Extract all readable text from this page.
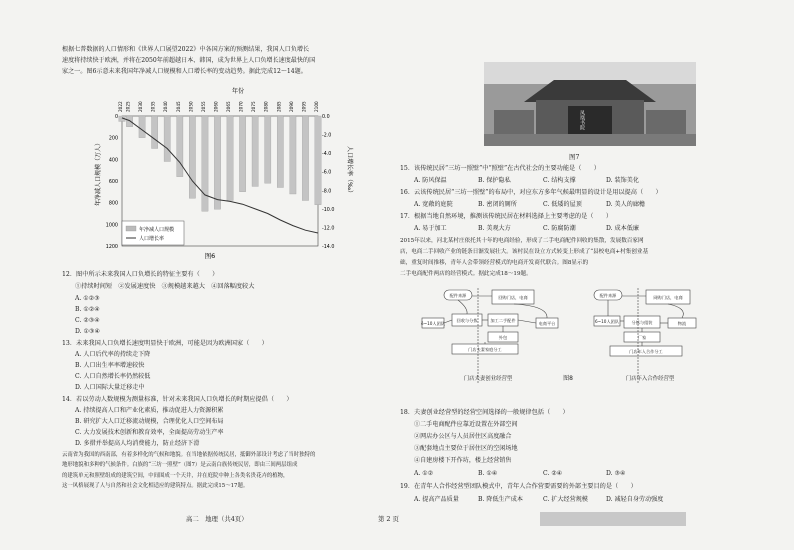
根据七普数据的人口情形和《世界人口展望2022》中各国方案的预测结果，我国人口负增长
速度将持续快于欧洲，并将在2050年前超越日本、韩国，成为世界上人口负增长速度最快的国
家之一。图6示意未来我国年净减人口规模和人口增长率的变动趋势。据此完成12～14题。
年份
2022 2025 2030 2035 2040 2045 2050 2055 2060 2065 2070 2075 2080 2085 2090 2095 2100
0
200
400
600
800
1000
1200
0.0
-2.0
-4.0
-6.0
-8.0
-10.0
-12.0
-14.0
年净减人口规模（万人）	人口增长率（‰）
年净减人口规模
人口增长率
图6
12．图中所示未来我国人口负增长的特征主要有（　　）
①持续时间短　②发展速度快　③规模越来越大　④回落幅度较大
A. ①②③
B. ①②④
C. ②③④
D. ①③④
13．未来我国人口负增长速度明显快于欧洲，可能是因为欧洲国家（　　）
A. 人口后代率的持续走下降
B. 人口出生率率增速较快
C. 人口自然增长率仍然较低
D. 人口国际大量迁移走中
14．若以劳动人数规模为测量标准，针对未来我国人口负增长的时期应提倡（　　）
A. 持续提高人口和产业化素质，推动促进人力资源积累
B. 研究扩大人口迁移流动规模，合理优化人口空间布局
C. 大力发展技术创新和教育效率，全面提高劳动生产率
D. 多措并举提高人均消费能力，防止经济下滑
云南省为我国的西南部，有着多样化的气候和地貌。在当地依据传统民居，抵御外部设计考虑了当时独特的
地形地貌和多种的气候条件。白族的“三坊一照壁”（图7）是云南白族传统民居，即由三间两层组成
的建筑单元和照壁组成的建筑空间，中间围成一个天井，并在庭院中种上各类名贵花卉的植物，
这一风格展现了人与自然和社会文化相适应的建筑特点。据此完成15～17题。
高二　地理（共4页）
凤凰书院
图7
15．该传统民居“三坊一照壁”中“照壁”在古代社会的主要功能是（　　）
A. 防风保温	B. 保护隐私	C. 结构支撑	D. 装饰美化
16．云该传统民居“三坊一照壁”的布局中，对应东方多年气候最明显的设计是用以提高（　　）
A. 宽敞的庭院	B. 密闭的厕所	C. 低矮的屋顶	D. 美人的廊檐
17．根据当地自然环境，推测该传统民居在材料选择上主要考虑的是（　　）
A. 易于加工	B. 美观大方	C. 防腐防潮	D. 成本低廉
2015年以来，河北某村庄依托其十年的电商经验，形成了二手电商配件回收的集散，发展数百家网
店，电商二手回收产业的链条日渐发展壮大。该村民在设立方式转变上形成了“县校电商+村集创业基
础，重复时间推移，青年人会带领经营模式的电商开发商代联合。图8显示的
二手电商配件两店的经营模式。据此完成18～19题。
配件来源	回购门店，电商
ё~10人团队
回收与分拣	加工二手配件
外包
电商平台
门店夫妻家庭分工
配件来源	网购门店，电商
6~10人团队	分拣与组装
厂家
物流
门店年入合作分工
门店夫妻创业经营型	门店年入合作经营型
图8
18．夫妻创业经营型的经营空间选择的一般规律包括（　　）
①二手电商配件应靠近设置在外部空间
②网店办公区与人员居住区高度融合
③配套地点主要位于居住区的空闲场地
④自建房楼下开作坊，楼上经营销售
A. ①②	B. ①④	C. ②④	D. ③④
19．在青年人合作经营型团队模式中，青年人合作营要需要的外部主要目的是（　　）
A. 提高产品质量	B. 降低生产成本	C. 扩大经营规模	D. 减轻自身劳动强度
第 2 页
